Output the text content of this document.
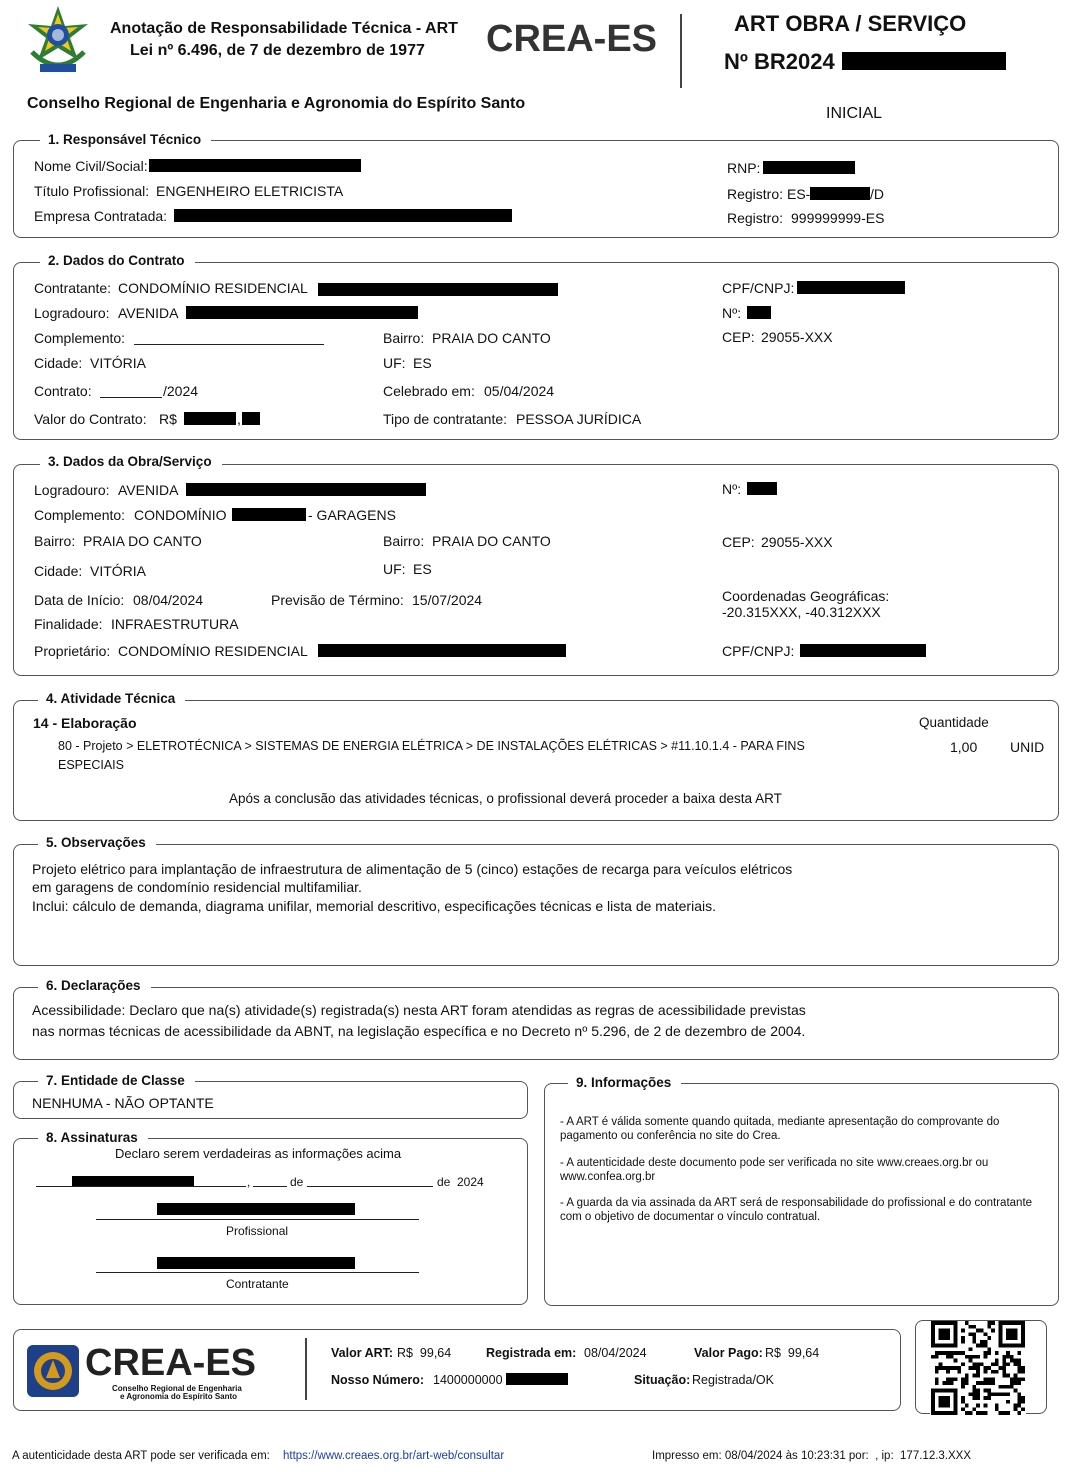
Anotação de Responsabilidade Técnica - ART
Lei nº 6.496, de 7 de dezembro de 1977 CREA-ES	ART OBRA / SERVIÇO
Nº BR2024
Conselho Regional de Engenharia e Agronomia do Espírito Santo
INICIAL
1. Responsável Técnico
Nome Civil/Social:
Título Profissional: ENGENHEIRO ELETRICISTA
Empresa Contratada:
RNP:
Registro: ES-	/D
Registro: 999999999-ES
2. Dados do Contrato
Contratante: CONDOMÍNIO RESIDENCIAL
Logradouro: AVENIDA
Complemento:
Cidade: VITÓRIA
Contrato:	/2024
Valor do Contrato: R$	,
Bairro: PRAIA DO CANTO
UF: ES
Celebrado em: 05/04/2024
Tipo de contratante: PESSOA JURÍDICA
CPF/CNPJ:
Nº:
CEP: 29055-XXX
3. Dados da Obra/Serviço
Logradouro: AVENIDA
Complemento: CONDOMÍNIO	- GARAGENS
Bairro: PRAIA DO CANTO
Cidade: VITÓRIA
Data de Início: 08/04/2024
Finalidade: INFRAESTRUTURA
Proprietário: CONDOMÍNIO RESIDENCIAL
Bairro: PRAIA DO CANTO
UF: ES
Previsão de Término: 15/07/2024
Nº:
CEP: 29055-XXX
Coordenadas Geográficas:
-20.315XXX, -40.312XXX
CPF/CNPJ:
4. Atividade Técnica
14 - Elaboração	Quantidade
80 - Projeto > ELETROTÉCNICA > SISTEMAS DE ENERGIA ELÉTRICA > DE INSTALAÇÕES ELÉTRICAS > #11.10.1.4 - PARA FINS
ESPECIAIS
1,00 UNID
Após a conclusão das atividades técnicas, o profissional deverá proceder a baixa desta ART
5. Observações
Projeto elétrico para implantação de infraestrutura de alimentação de 5 (cinco) estações de recarga para veículos elétricos
em garagens de condomínio residencial multifamiliar.
Inclui: cálculo de demanda, diagrama unifilar, memorial descritivo, especificações técnicas e lista de materiais.
6. Declarações
Acessibilidade: Declaro que na(s) atividade(s) registrada(s) nesta ART foram atendidas as regras de acessibilidade previstas
nas normas técnicas de acessibilidade da ABNT, na legislação específica e no Decreto nº 5.296, de 2 de dezembro de 2004.
7. Entidade de Classe
NENHUMA - NÃO OPTANTE
8. Assinaturas
Declaro serem verdadeiras as informações acima
,	de	de 2024
Profissional
Contratante
9. Informações
- A ART é válida somente quando quitada, mediante apresentação do comprovante do pagamento ou conferência no site do Crea.
- A autenticidade deste documento pode ser verificada no site www.creaes.org.br ou www.confea.org.br
- A guarda da via assinada da ART será de responsabilidade do profissional e do contratante com o objetivo de documentar o vínculo contratual.
CREA-ES
Conselho Regional de Engenharia
e Agronomia do Espírito Santo
Valor ART: R$  99,64	Registrada em: 08/04/2024	Valor Pago: R$  99,64
Nosso Número: 1400000000	Situação: Registrada/OK
A autenticidade desta ART pode ser verificada em: https://www.creaes.org.br/art-web/consultar	Impresso em: 08/04/2024 às 10:23:31 por:  , ip:  177.12.3.XXX
